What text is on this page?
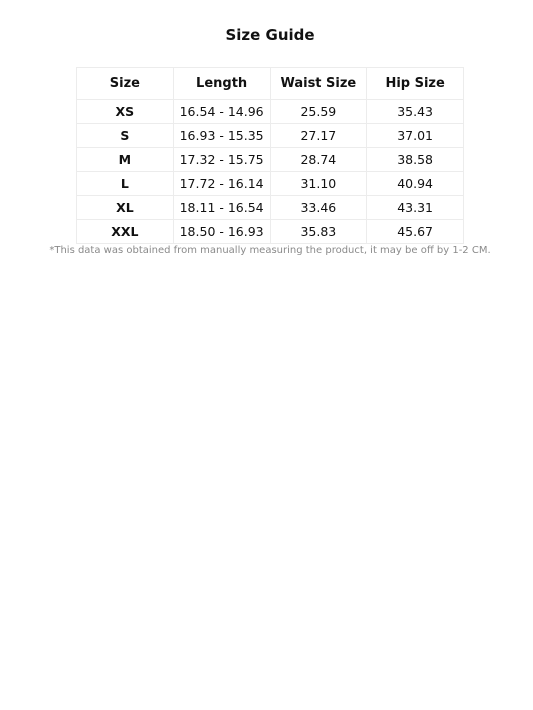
Size Guide
Size	Length	Waist Size	Hip Size
XS	16.54 - 14.96	25.59	35.43
S	16.93 - 15.35	27.17	37.01
M	17.32 - 15.75	28.74	38.58
L	17.72 - 16.14	31.10	40.94
XL	18.11 - 16.54	33.46	43.31
XXL	18.50 - 16.93	35.83	45.67
*This data was obtained from manually measuring the product, it may be off by 1-2 CM.
